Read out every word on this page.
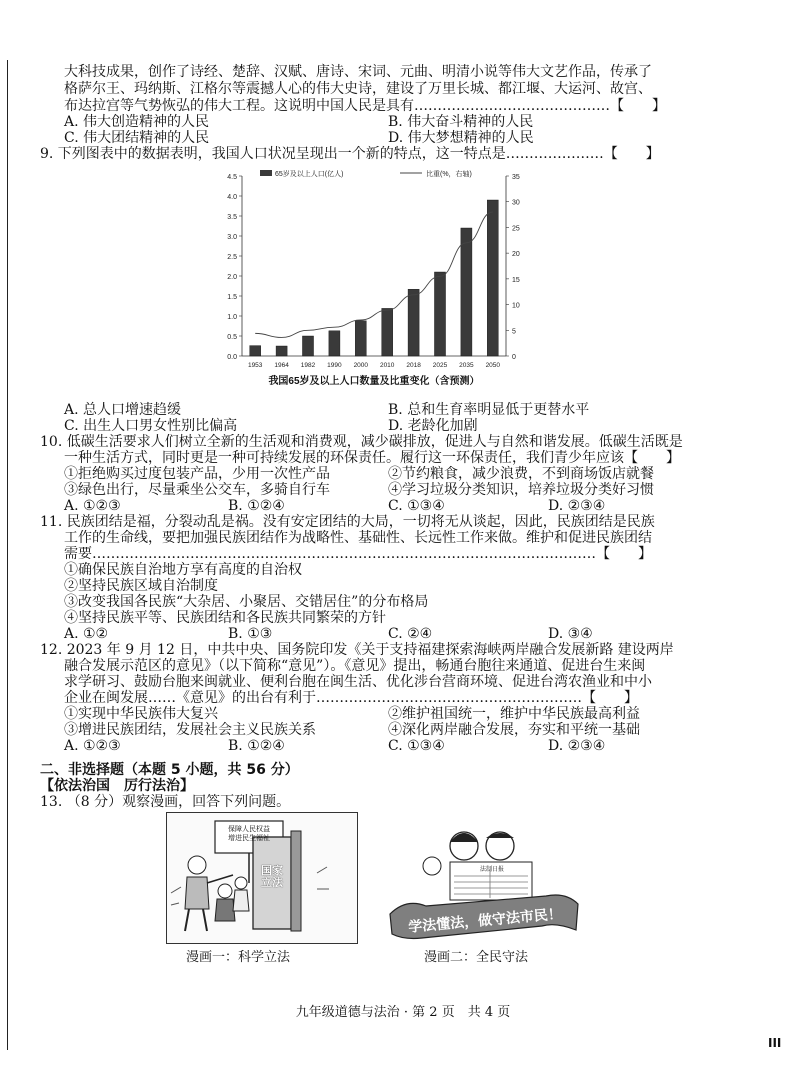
大科技成果，创作了诗经、楚辞、汉赋、唐诗、宋词、元曲、明清小说等伟大文艺作品，传承了
格萨尔王、玛纳斯、江格尔等震撼人心的伟大史诗，建设了万里长城、都江堰、大运河、故宫、
布达拉宫等气势恢弘的伟大工程。这说明中国人民是具有……………………………………【　　】
A. 伟大创造精神的人民	B. 伟大奋斗精神的人民
C. 伟大团结精神的人民	D. 伟大梦想精神的人民
9. 下列图表中的数据表明，我国人口状况呈现出一个新的特点，这一特点是…………………【　　】
0.0
0.5
1.0
1.5
2.0
2.5
3.0
3.5
4.0
4.5
0
5
10
15
20
25
30
35
1953 1964 1982 1990 2000 2010 2018 2025 2035 2050
65岁及以上人口(亿人)	比重(%，右轴)
我国65岁及以上人口数量及比重变化（含预测）
A. 总人口增速趋缓	B. 总和生育率明显低于更替水平
C. 出生人口男女性别比偏高	D. 老龄化加剧
10. 低碳生活要求人们树立全新的生活观和消费观，减少碳排放，促进人与自然和谐发展。低碳生活既是
一种生活方式，同时更是一种可持续发展的环保责任。履行这一环保责任，我们青少年应该【　　】
①拒绝购买过度包装产品，少用一次性产品	②节约粮食，减少浪费，不到商场饭店就餐
③绿色出行，尽量乘坐公交车，多骑自行车	④学习垃圾分类知识，培养垃圾分类好习惯
A. ①②③	B. ①②④	C. ①③④	D. ②③④
11. 民族团结是福，分裂动乱是祸。没有安定团结的大局，一切将无从谈起，因此，民族团结是民族
工作的生命线，要把加强民族团结作为战略性、基础性、长远性工作来做。维护和促进民族团结
需要………………………………………………………………………………………………【　　】
①确保民族自治地方享有高度的自治权
②坚持民族区域自治制度
③改变我国各民族“大杂居、小聚居、交错居住”的分布格局
④坚持民族平等、民族团结和各民族共同繁荣的方针
A. ①②	B. ①③	C. ②④	D. ③④
12. 2023 年 9 月 12 日，中共中央、国务院印发《关于支持福建探索海峡两岸融合发展新路 建设两岸
融合发展示范区的意见》（以下简称“意见”）。《意见》提出，畅通台胞往来通道、促进台生来闽
求学研习、鼓励台胞来闽就业、便利台胞在闽生活、优化涉台营商环境、促进台湾农渔业和中小
企业在闽发展……《意见》的出台有利于…………………………………………………【　　】
①实现中华民族伟大复兴	②维护祖国统一，维护中华民族最高利益
③增进民族团结，发展社会主义民族关系	④深化两岸融合发展，夯实和平统一基础
A. ①②③	B. ①②④	C. ①③④	D. ②③④
二、非选择题（本题 5 小题，共 56 分）
【依法治国　厉行法治】
13. （8 分）观察漫画，回答下列问题。
保障人民权益
增进民生福祉
国家立法
漫画一：科学立法
法制日报
学法懂法，做守法市民！
漫画二：全民守法
九年级道德与法治 · 第 2 页　共 4 页
III
